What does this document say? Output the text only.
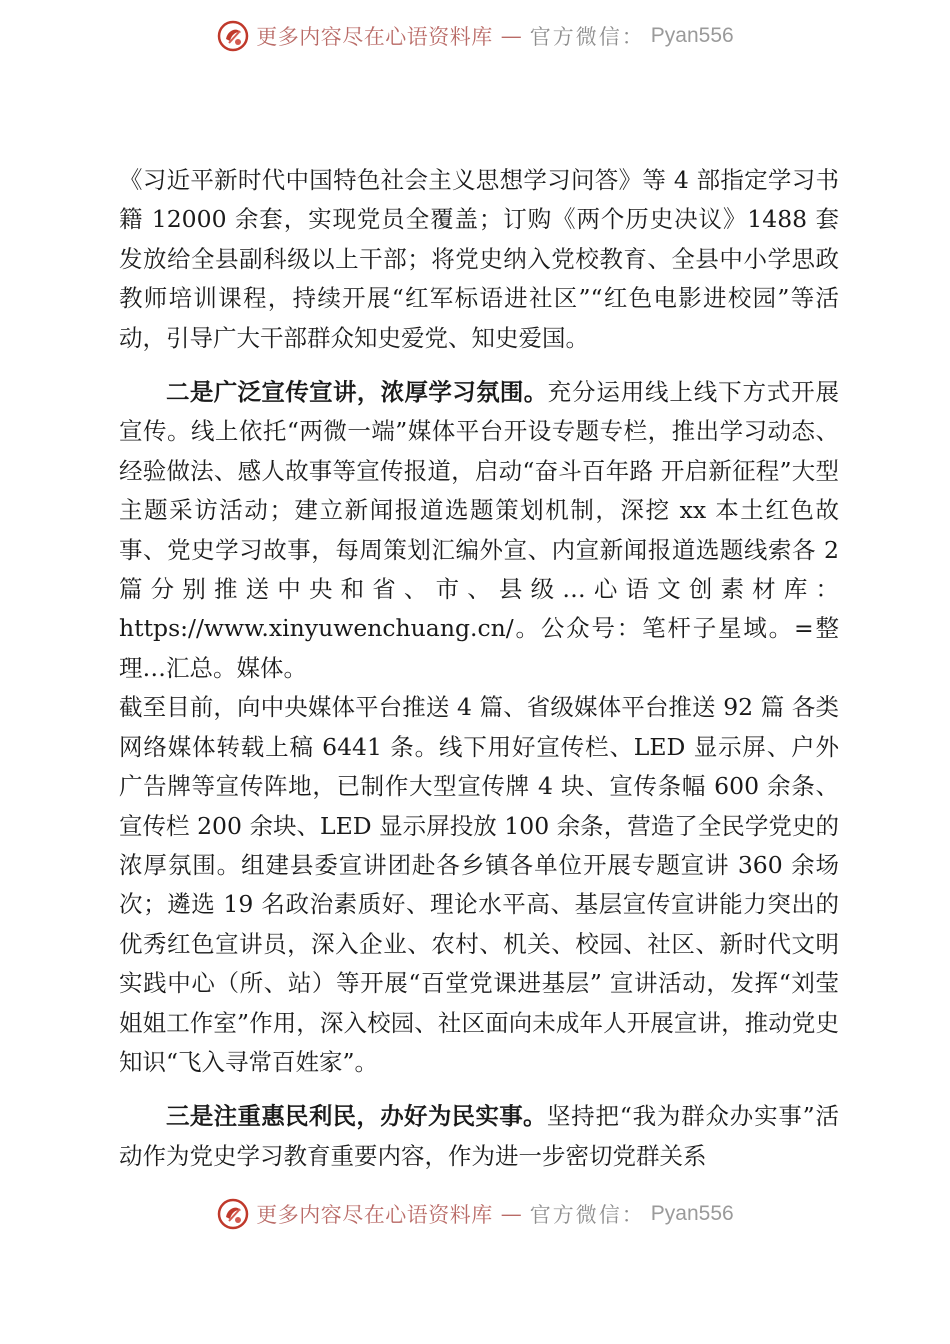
更多内容尽在心语资料库 — 官方微信： Pyan556

《习近平新时代中国特色社会主义思想学习问答》等 4 部指定学习书籍 12000 余套，实现党员全覆盖；订购《两个历史决议》1488 套发放给全县副科级以上干部；将党史纳入党校教育、全县中小学思政教师培训课程，持续开展“红军标语进社区”“红色电影进校园”等活动，引导广大干部群众知史爱党、知史爱国。

二是广泛宣传宣讲，浓厚学习氛围。充分运用线上线下方式开展宣传。线上依托“两微一端”媒体平台开设专题专栏，推出学习动态、经验做法、感人故事等宣传报道，启动“奋斗百年路 开启新征程”大型主题采访活动；建立新闻报道选题策划机制，深挖 xx 本土红色故事、党史学习故事，每周策划汇编外宣、内宣新闻报道选题线索各 2 篇分别推送中央和省、市、县级…心语文创素材库：https://www.xinyuwenchuang.cn/。公众号：笔杆子星域。=整理…汇总。媒体。

截至目前，向中央媒体平台推送 4 篇、省级媒体平台推送 92 篇 各类网络媒体转载上稿 6441 条。线下用好宣传栏、LED 显示屏、户外广告牌等宣传阵地，已制作大型宣传牌 4 块、宣传条幅 600 余条、宣传栏 200 余块、LED 显示屏投放 100 余条，营造了全民学党史的浓厚氛围。组建县委宣讲团赴各乡镇各单位开展专题宣讲 360 余场次；遴选 19 名政治素质好、理论水平高、基层宣传宣讲能力突出的优秀红色宣讲员，深入企业、农村、机关、校园、社区、新时代文明实践中心（所、站）等开展“百堂党课进基层” 宣讲活动，发挥“刘莹姐姐工作室”作用，深入校园、社区面向未成年人开展宣讲，推动党史知识“飞入寻常百姓家”。

三是注重惠民利民，办好为民实事。坚持把“我为群众办实事”活动作为党史学习教育重要内容，作为进一步密切党群关系

更多内容尽在心语资料库 — 官方微信： Pyan556
